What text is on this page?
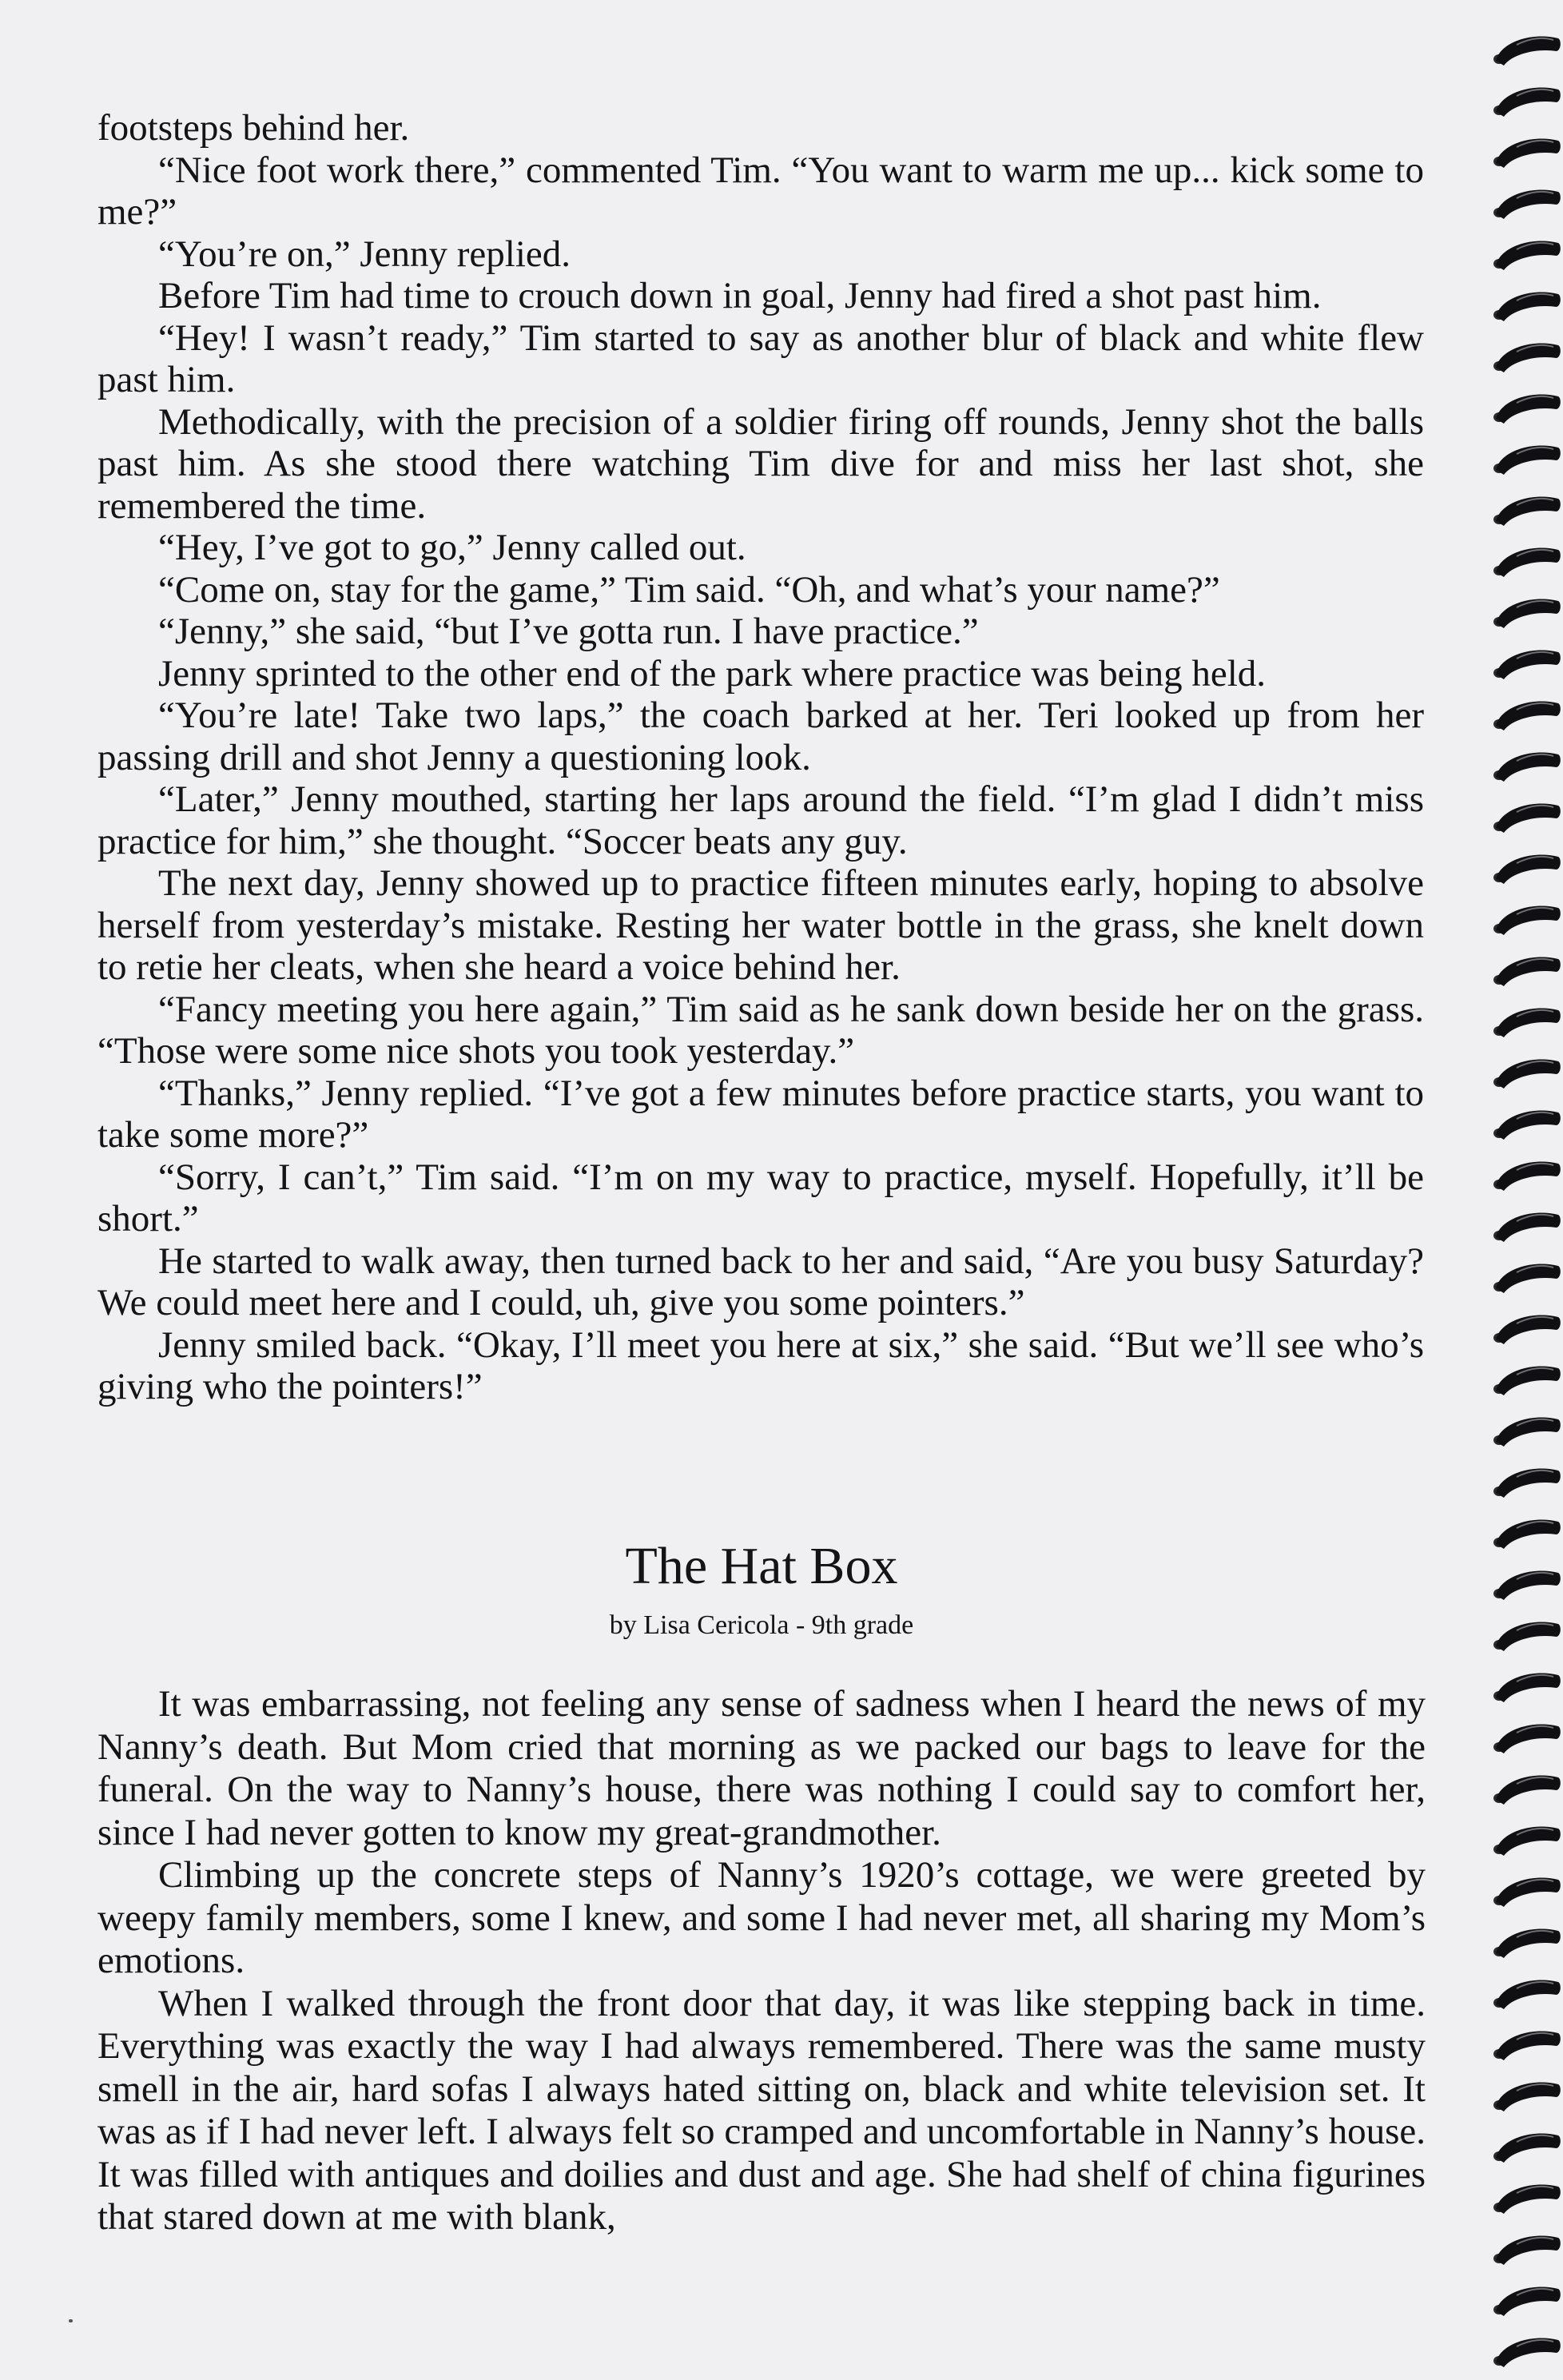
footsteps behind her.

“Nice foot work there,” commented Tim. “You want to warm me up... kick some to me?”

“You’re on,” Jenny replied.

Before Tim had time to crouch down in goal, Jenny had fired a shot past him.

“Hey! I wasn’t ready,” Tim started to say as another blur of black and white flew past him.

Methodically, with the precision of a soldier firing off rounds, Jenny shot the balls past him. As she stood there watching Tim dive for and miss her last shot, she remembered the time.

“Hey, I’ve got to go,” Jenny called out.

“Come on, stay for the game,” Tim said. “Oh, and what’s your name?”

“Jenny,” she said, “but I’ve gotta run. I have practice.”

Jenny sprinted to the other end of the park where practice was being held.

“You’re late! Take two laps,” the coach barked at her. Teri looked up from her passing drill and shot Jenny a questioning look.

“Later,” Jenny mouthed, starting her laps around the field. “I’m glad I didn’t miss practice for him,” she thought. “Soccer beats any guy.

The next day, Jenny showed up to practice fifteen minutes early, hoping to absolve herself from yesterday’s mistake. Resting her water bottle in the grass, she knelt down to retie her cleats, when she heard a voice behind her.

“Fancy meeting you here again,” Tim said as he sank down beside her on the grass. “Those were some nice shots you took yesterday.”

“Thanks,” Jenny replied. “I’ve got a few minutes before practice starts, you want to take some more?”

“Sorry, I can’t,” Tim said. “I’m on my way to practice, myself. Hopefully, it’ll be short.”

He started to walk away, then turned back to her and said, “Are you busy Saturday? We could meet here and I could, uh, give you some pointers.”

Jenny smiled back. “Okay, I’ll meet you here at six,” she said. “But we’ll see who’s giving who the pointers!”

The Hat Box
by Lisa Cericola - 9th grade

It was embarrassing, not feeling any sense of sadness when I heard the news of my Nanny’s death. But Mom cried that morning as we packed our bags to leave for the funeral. On the way to Nanny’s house, there was nothing I could say to comfort her, since I had never gotten to know my great-grandmother.

Climbing up the concrete steps of Nanny’s 1920’s cottage, we were greeted by weepy family members, some I knew, and some I had never met, all sharing my Mom’s emotions.

When I walked through the front door that day, it was like stepping back in time. Everything was exactly the way I had always remembered. There was the same musty smell in the air, hard sofas I always hated sitting on, black and white television set. It was as if I had never left. I always felt so cramped and uncomfortable in Nanny’s house. It was filled with antiques and doilies and dust and age. She had shelf of china figurines that stared down at me with blank,
